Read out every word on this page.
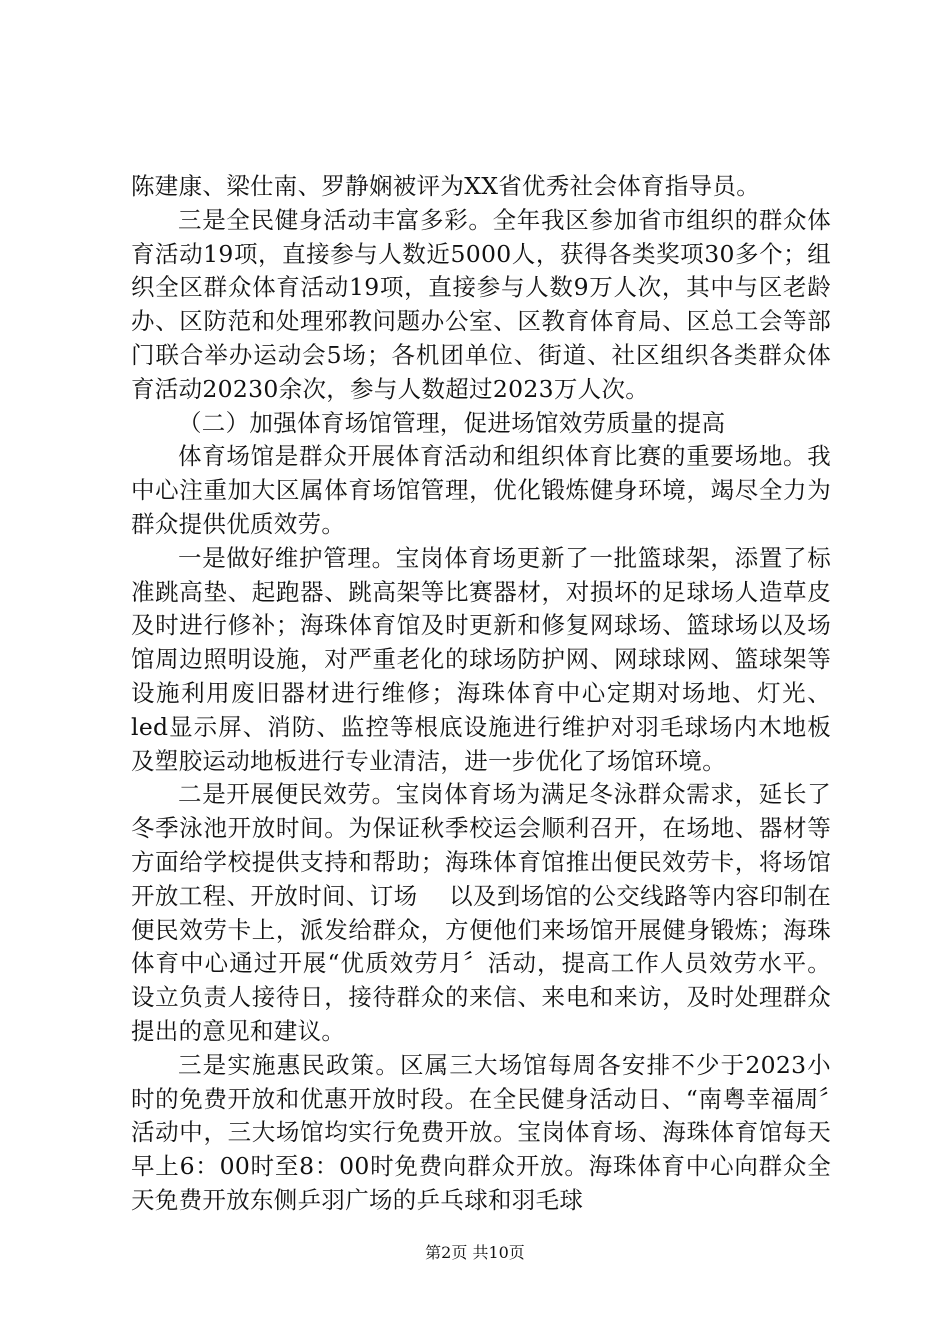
陈建康、梁仕南、罗静娴被评为XX省优秀社会体育指导员。

三是全民健身活动丰富多彩。全年我区参加省市组织的群众体育活动19项，直接参与人数近5000人，获得各类奖项30多个；组织全区群众体育活动19项，直接参与人数9万人次，其中与区老龄办、区防范和处理邪教问题办公室、区教育体育局、区总工会等部门联合举办运动会5场；各机团单位、街道、社区组织各类群众体育活动20230余次，参与人数超过2023万人次。

（二）加强体育场馆管理，促进场馆效劳质量的提高

体育场馆是群众开展体育活动和组织体育比赛的重要场地。我中心注重加大区属体育场馆管理，优化锻炼健身环境，竭尽全力为群众提供优质效劳。

一是做好维护管理。宝岗体育场更新了一批篮球架，添置了标准跳高垫、起跑器、跳高架等比赛器材，对损坏的足球场人造草皮及时进行修补；海珠体育馆及时更新和修复网球场、篮球场以及场馆周边照明设施，对严重老化的球场防护网、网球球网、篮球架等设施利用废旧器材进行维修；海珠体育中心定期对场地、灯光、led显示屏、消防、监控等根底设施进行维护对羽毛球场内木地板及塑胶运动地板进行专业清洁，进一步优化了场馆环境。

二是开展便民效劳。宝岗体育场为满足冬泳群众需求，延长了冬季泳池开放时间。为保证秋季校运会顺利召开，在场地、器材等方面给学校提供支持和帮助；海珠体育馆推出便民效劳卡，将场馆开放工程、开放时间、订场　 以及到场馆的公交线路等内容印制在便民效劳卡上，派发给群众，方便他们来场馆开展健身锻炼；海珠体育中心通过开展“优质效劳月〞活动，提高工作人员效劳水平。设立负责人接待日，接待群众的来信、来电和来访，及时处理群众提出的意见和建议。

三是实施惠民政策。区属三大场馆每周各安排不少于2023小时的免费开放和优惠开放时段。在全民健身活动日、“南粤幸福周〞活动中，三大场馆均实行免费开放。宝岗体育场、海珠体育馆每天早上6：00时至8：00时免费向群众开放。海珠体育中心向群众全天免费开放东侧乒羽广场的乒乓球和羽毛球

第2页 共10页
